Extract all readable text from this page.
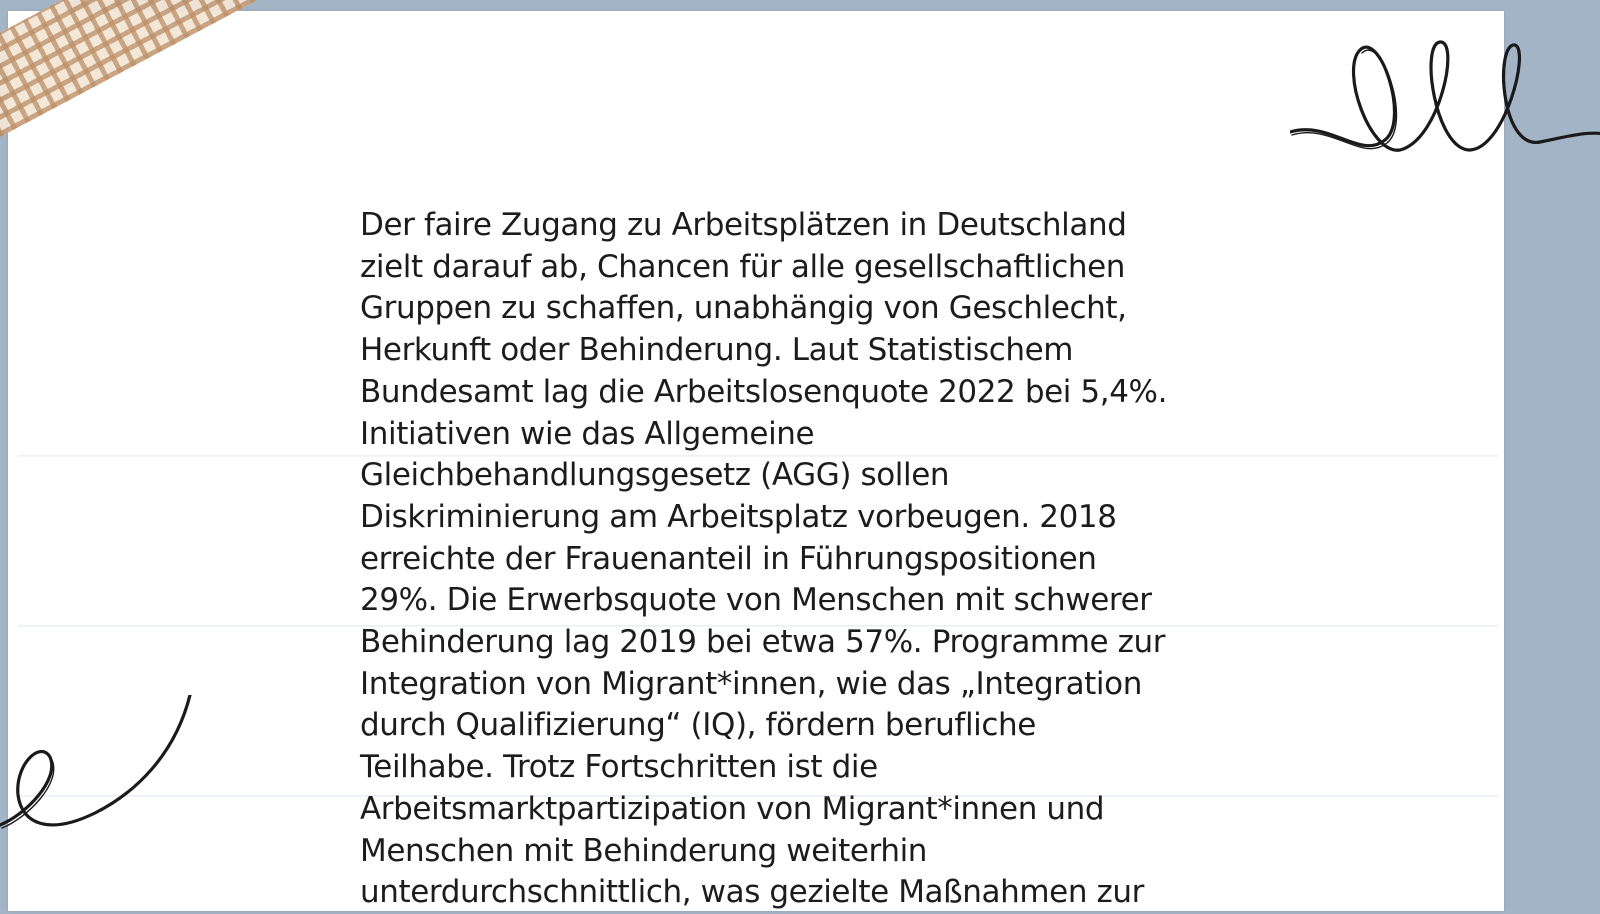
Der faire Zugang zu Arbeitsplätzen in Deutschland
zielt darauf ab, Chancen für alle gesellschaftlichen
Gruppen zu schaffen, unabhängig von Geschlecht,
Herkunft oder Behinderung. Laut Statistischem
Bundesamt lag die Arbeitslosenquote 2022 bei 5,4%.
Initiativen wie das Allgemeine
Gleichbehandlungsgesetz (AGG) sollen
Diskriminierung am Arbeitsplatz vorbeugen. 2018
erreichte der Frauenanteil in Führungspositionen
29%. Die Erwerbsquote von Menschen mit schwerer
Behinderung lag 2019 bei etwa 57%. Programme zur
Integration von Migrant*innen, wie das „Integration
durch Qualifizierung“ (IQ), fördern berufliche
Teilhabe. Trotz Fortschritten ist die
Arbeitsmarktpartizipation von Migrant*innen und
Menschen mit Behinderung weiterhin
unterdurchschnittlich, was gezielte Maßnahmen zur
